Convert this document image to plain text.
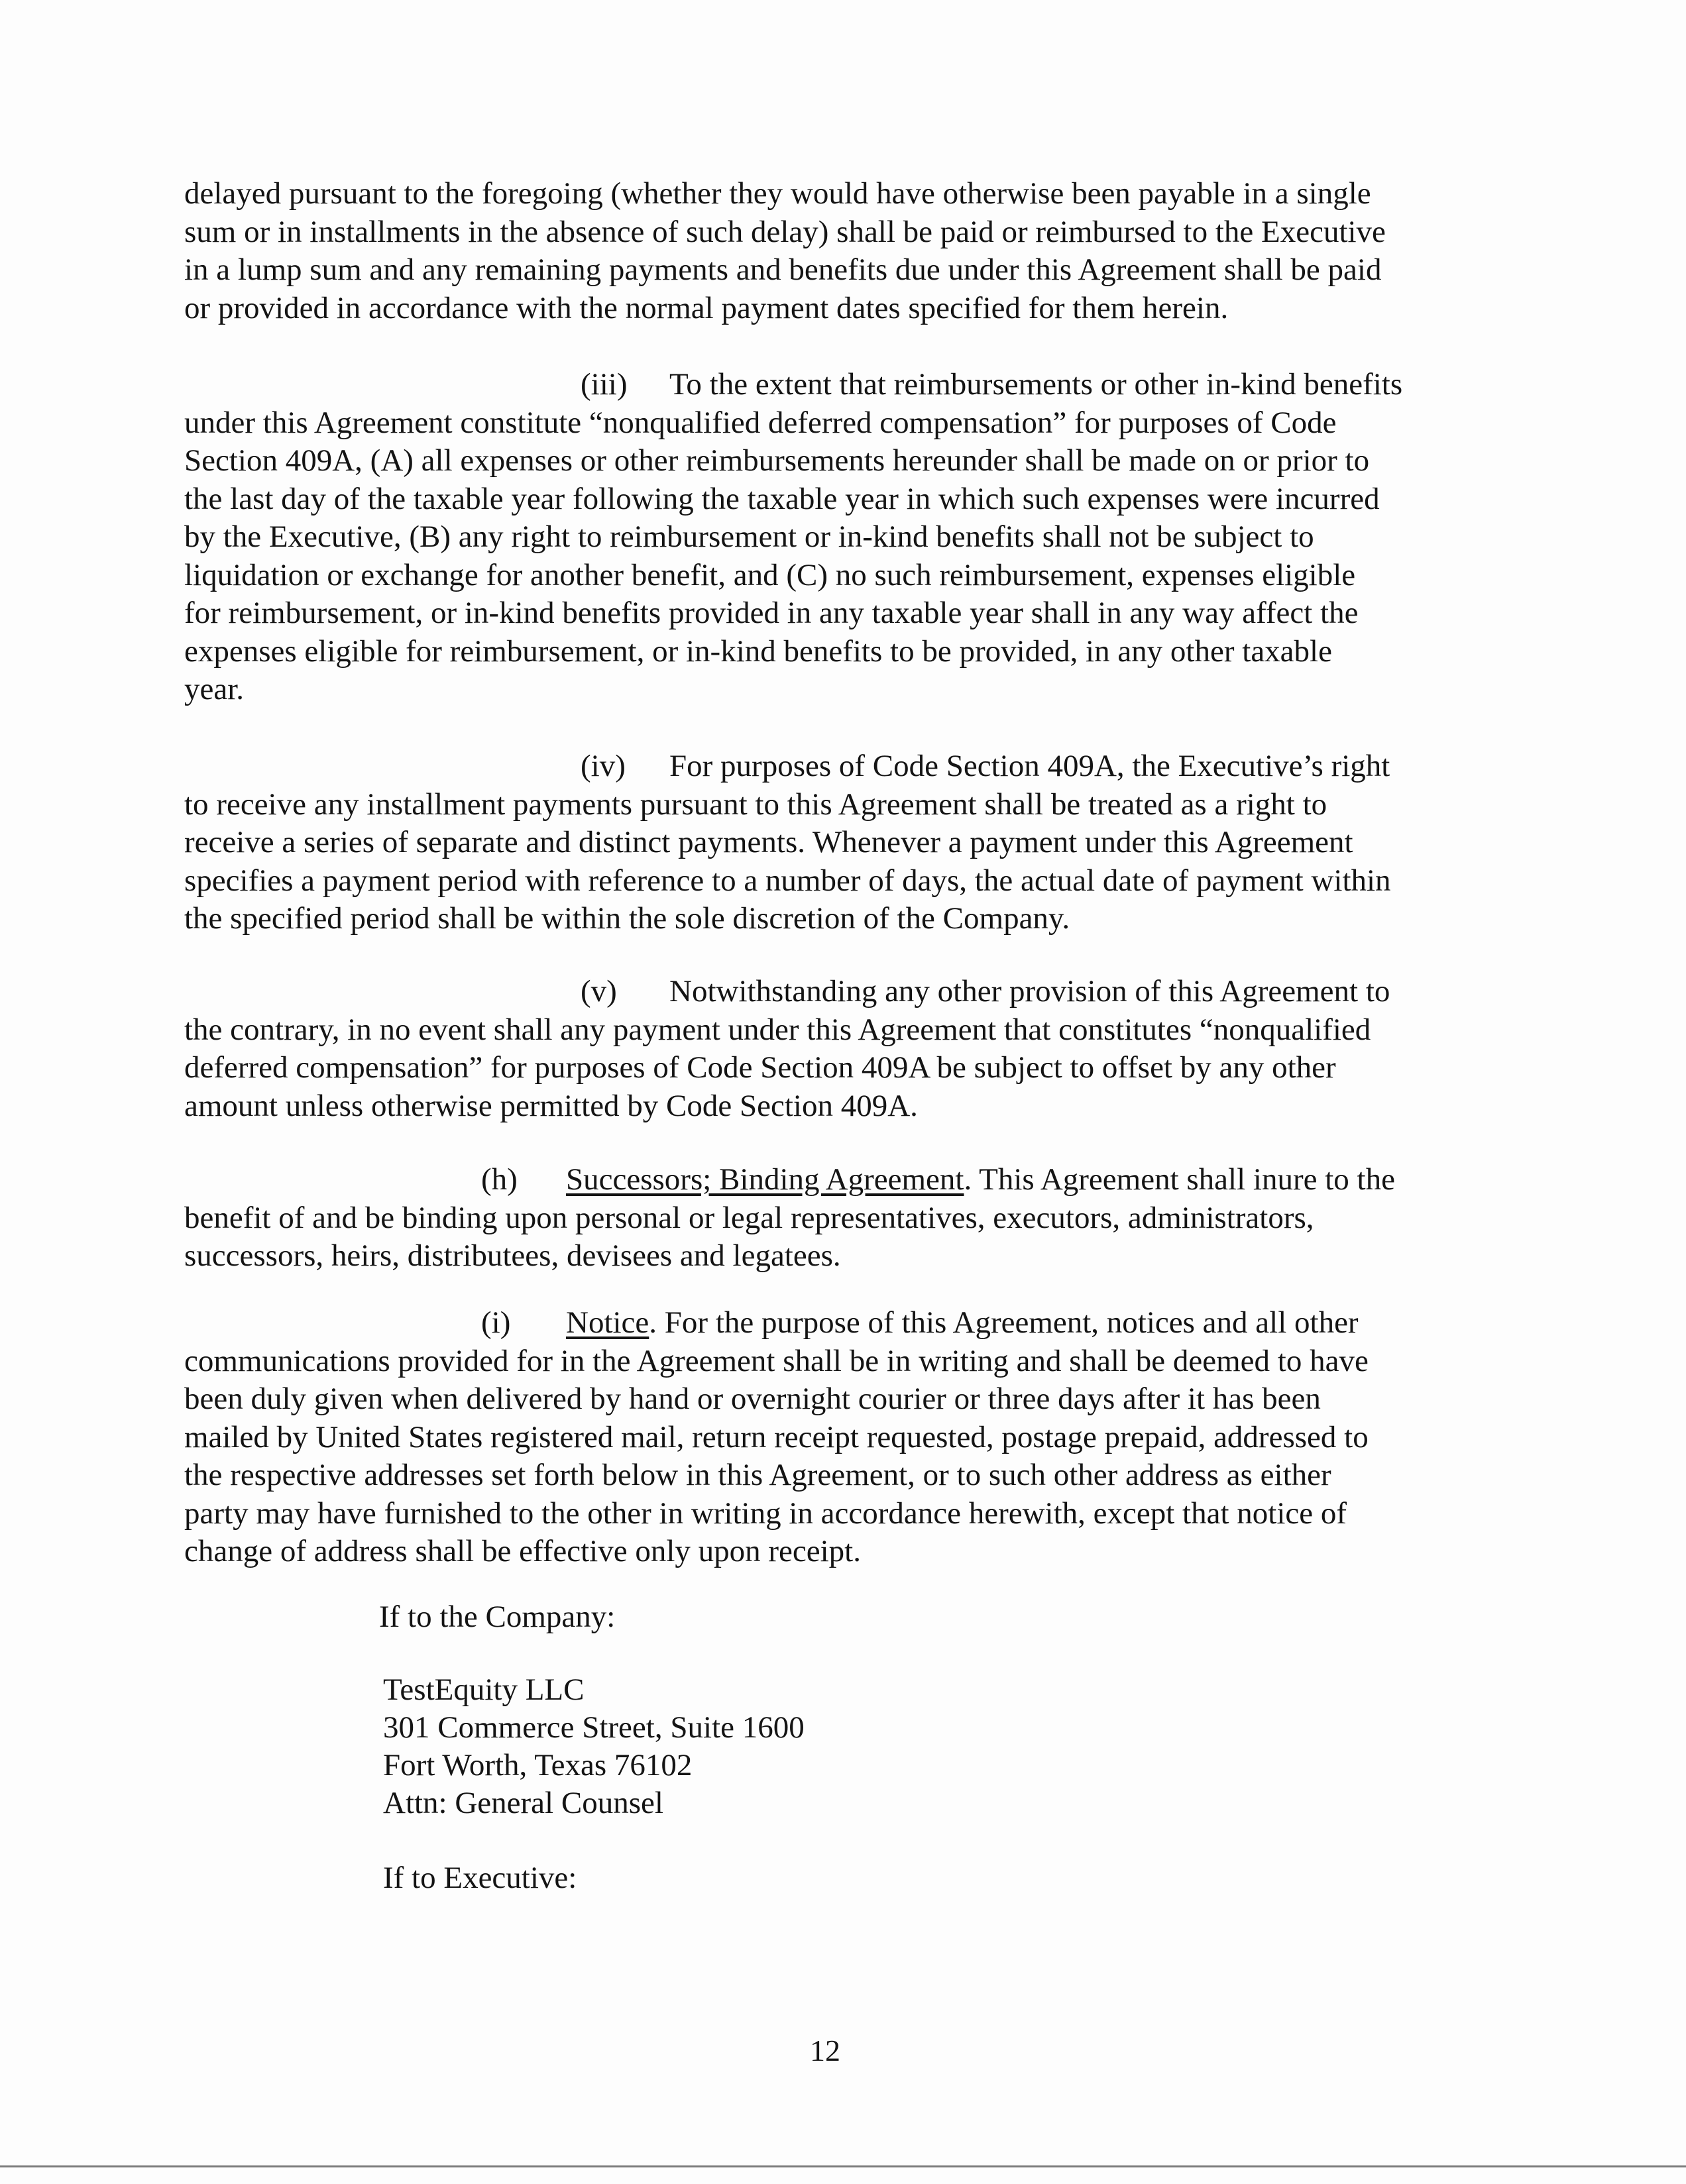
delayed pursuant to the foregoing (whether they would have otherwise been payable in a single
sum or in installments in the absence of such delay) shall be paid or reimbursed to the Executive
in a lump sum and any remaining payments and benefits due under this Agreement shall be paid
or provided in accordance with the normal payment dates specified for them herein.
(iii) To the extent that reimbursements or other in-kind benefits
under this Agreement constitute “nonqualified deferred compensation” for purposes of Code
Section 409A, (A) all expenses or other reimbursements hereunder shall be made on or prior to
the last day of the taxable year following the taxable year in which such expenses were incurred
by the Executive, (B) any right to reimbursement or in-kind benefits shall not be subject to
liquidation or exchange for another benefit, and (C) no such reimbursement, expenses eligible
for reimbursement, or in-kind benefits provided in any taxable year shall in any way affect the
expenses eligible for reimbursement, or in-kind benefits to be provided, in any other taxable
year.
(iv) For purposes of Code Section 409A, the Executive’s right
to receive any installment payments pursuant to this Agreement shall be treated as a right to
receive a series of separate and distinct payments. Whenever a payment under this Agreement
specifies a payment period with reference to a number of days, the actual date of payment within
the specified period shall be within the sole discretion of the Company.
(v) Notwithstanding any other provision of this Agreement to
the contrary, in no event shall any payment under this Agreement that constitutes “nonqualified
deferred compensation” for purposes of Code Section 409A be subject to offset by any other
amount unless otherwise permitted by Code Section 409A.
(h) Successors; Binding Agreement. This Agreement shall inure to the
benefit of and be binding upon personal or legal representatives, executors, administrators,
successors, heirs, distributees, devisees and legatees.
(i) Notice. For the purpose of this Agreement, notices and all other
communications provided for in the Agreement shall be in writing and shall be deemed to have
been duly given when delivered by hand or overnight courier or three days after it has been
mailed by United States registered mail, return receipt requested, postage prepaid, addressed to
the respective addresses set forth below in this Agreement, or to such other address as either
party may have furnished to the other in writing in accordance herewith, except that notice of
change of address shall be effective only upon receipt.
If to the Company:
TestEquity LLC
301 Commerce Street, Suite 1600
Fort Worth, Texas 76102
Attn: General Counsel
If to Executive:
12
